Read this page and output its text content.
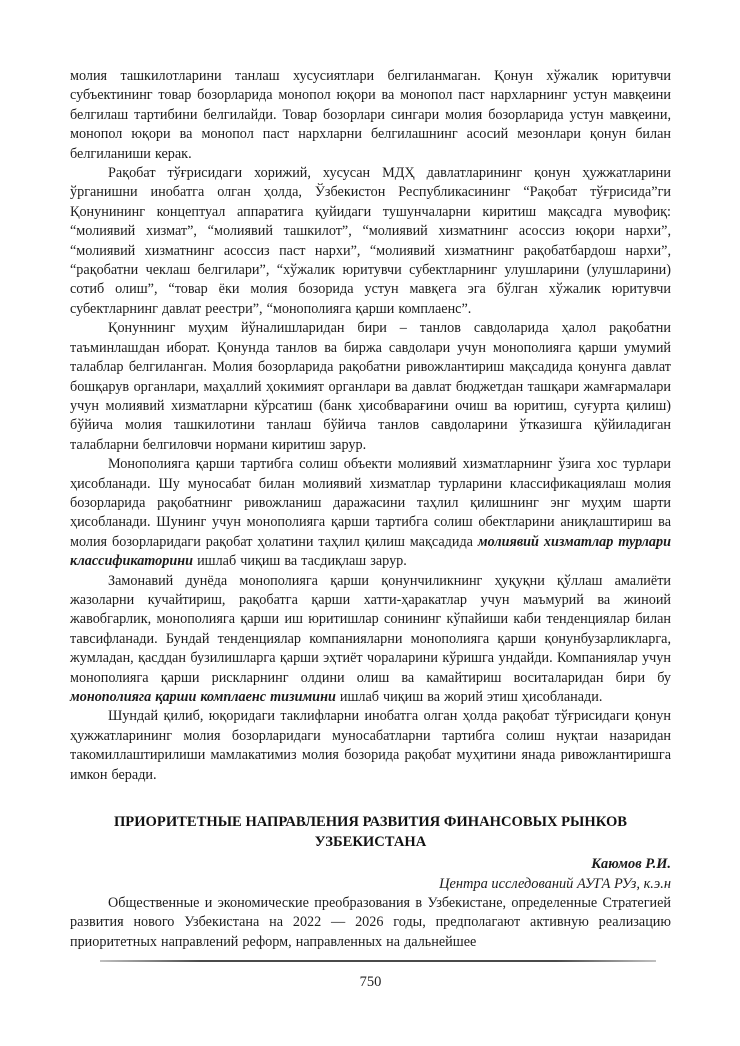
молия ташкилотларини танлаш хусусиятлари белгиланмаган. Қонун хўжалик юритувчи субъектининг товар бозорларида монопол юқори ва монопол паст нархларнинг устун мавқеини белгилаш тартибини белгилайди. Товар бозорлари сингари молия бозорларида устун мавқеини, монопол юқори ва монопол паст нархларни белгилашнинг асосий мезонлари қонун билан белгиланиши керак.

Рақобат тўғрисидаги хорижий, хусусан МДҲ давлатларининг қонун ҳужжатларини ўрганишни инобатга олган ҳолда, Ўзбекистон Республикасининг “Рақобат тўғрисида”ги Қонунининг концептуал аппаратига қуйидаги тушунчаларни киритиш мақсадга мувофиқ: “молиявий хизмат”, “молиявий ташкилот”, “молиявий хизматнинг асоссиз юқори нархи”, “молиявий хизматнинг асоссиз паст нархи”, “молиявий хизматнинг рақобатбардош нархи”, “рақобатни чеклаш белгилари”, “хўжалик юритувчи субектларнинг улушларини (улушларини) сотиб олиш”, “товар ёки молия бозорида устун мавқега эга бўлган хўжалик юритувчи субектларнинг давлат реестри”, “монополияга қарши комплаенс”.

Қонуннинг муҳим йўналишларидан бири – танлов савдоларида ҳалол рақобатни таъминлашдан иборат. Қонунда танлов ва биржа савдолари учун монополияга қарши умумий талаблар белгиланган. Молия бозорларида рақобатни ривожлантириш мақсадида қонунга давлат бошқарув органлари, маҳаллий ҳокимият органлари ва давлат бюджетдан ташқари жамғармалари учун молиявий хизматларни кўрсатиш (банк ҳисобварағини очиш ва юритиш, суғурта қилиш) бўйича молия ташкилотини танлаш бўйича танлов савдоларини ўтказишга қўйиладиган талабларни белгиловчи нормани киритиш зарур.

Монополияга қарши тартибга солиш объекти молиявий хизматларнинг ўзига хос турлари ҳисобланади. Шу муносабат билан молиявий хизматлар турларини классификациялаш молия бозорларида рақобатнинг ривожланиш даражасини таҳлил қилишнинг энг муҳим шарти ҳисобланади. Шунинг учун монополияга қарши тартибга солиш обектларини аниқлаштириш ва молия бозорларидаги рақобат ҳолатини таҳлил қилиш мақсадида молиявий хизматлар турлари классификаторини ишлаб чиқиш ва тасдиқлаш зарур.

Замонавий дунёда монополияга қарши қонунчиликнинг ҳуқуқни қўллаш амалиёти жазоларни кучайтириш, рақобатга қарши хатти-ҳаракатлар учун маъмурий ва жиноий жавобгарлик, монополияга қарши иш юритишлар сонининг кўпайиши каби тенденциялар билан тавсифланади. Бундай тенденциялар компанияларни монополияга қарши қонунбузарликларга, жумладан, қасддан бузилишларга қарши эҳтиёт чораларини кўришга ундайди. Компаниялар учун монополияга қарши рискларнинг олдини олиш ва камайтириш воситаларидан бири бу монополияга қарши комплаенс тизимини ишлаб чиқиш ва жорий этиш ҳисобланади.

Шундай қилиб, юқоридаги таклифларни инобатга олган ҳолда рақобат тўғрисидаги қонун ҳужжатларининг молия бозорларидаги муносабатларни тартибга солиш нуқтаи назаридан такомиллаштирилиши мамлакатимиз молия бозорида рақобат муҳитини янада ривожлантиришга имкон беради.

ПРИОРИТЕТНЫЕ НАПРАВЛЕНИЯ РАЗВИТИЯ ФИНАНСОВЫХ РЫНКОВ УЗБЕКИСТАНА
Каюмов Р.И.
Центра исследований АУГА РУз, к.э.н

Общественные и экономические преобразования в Узбекистане, определенные Стратегией развития нового Узбекистана на 2022 — 2026 годы, предполагают активную реализацию приоритетных направлений реформ, направленных на дальнейшее

750
